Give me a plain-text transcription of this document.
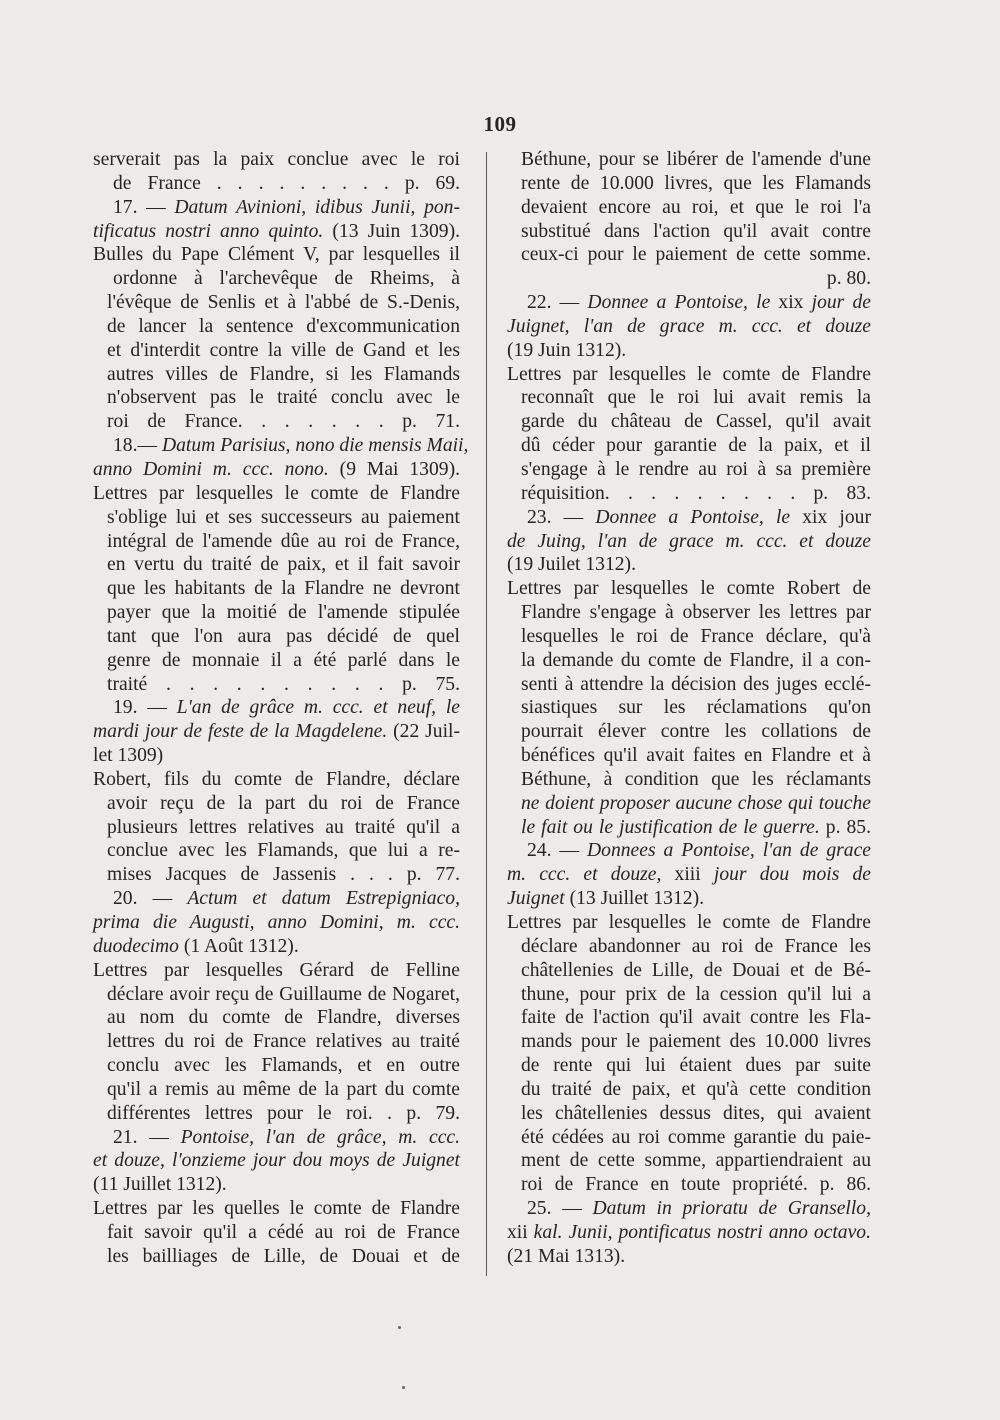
109
serverait pas la paix conclue avec le roi
de France . . . . . . . . . p. 69.
17. — Datum Avinioni, idibus Junii, pon-
tificatus nostri anno quinto. (13 Juin 1309).
Bulles du Pape Clément V, par lesquelles il
ordonne à l'archevêque de Rheims, à
l'évêque de Senlis et à l'abbé de S.-Denis,
de lancer la sentence d'excommunication
et d'interdit contre la ville de Gand et les
autres villes de Flandre, si les Flamands
n'observent pas le traité conclu avec le
roi de France. . . . . . . p. 71.
18.— Datum Parisius, nono die mensis Maii,
anno Domini m. ccc. nono. (9 Mai 1309).
Lettres par lesquelles le comte de Flandre
s'oblige lui et ses successeurs au paiement
intégral de l'amende dûe au roi de France,
en vertu du traité de paix, et il fait savoir
que les habitants de la Flandre ne devront
payer que la moitié de l'amende stipulée
tant que l'on aura pas décidé de quel
genre de monnaie il a été parlé dans le
traité . . . . . . . . . . p. 75.
19. — L'an de grâce m. ccc. et neuf, le
mardi jour de feste de la Magdelene. (22 Juil-
let 1309)
Robert, fils du comte de Flandre, déclare
avoir reçu de la part du roi de France
plusieurs lettres relatives au traité qu'il a
conclue avec les Flamands, que lui a re-
mises Jacques de Jassenis . . . p. 77.
20. — Actum et datum Estrepigniaco,
prima die Augusti, anno Domini, m. ccc.
duodecimo (1 Août 1312).
Lettres par lesquelles Gérard de Felline
déclare avoir reçu de Guillaume de Nogaret,
au nom du comte de Flandre, diverses
lettres du roi de France relatives au traité
conclu avec les Flamands, et en outre
qu'il a remis au même de la part du comte
différentes lettres pour le roi. . p. 79.
21. — Pontoise, l'an de grâce, m. ccc.
et douze, l'onzieme jour dou moys de Juignet
(11 Juillet 1312).
Lettres par les quelles le comte de Flandre
fait savoir qu'il a cédé au roi de France
les bailliages de Lille, de Douai et de
Béthune, pour se libérer de l'amende d'une
rente de 10.000 livres, que les Flamands
devaient encore au roi, et que le roi l'a
substitué dans l'action qu'il avait contre
ceux-ci pour le paiement de cette somme.
p. 80.
22. — Donnee a Pontoise, le xix jour de
Juignet, l'an de grace m. ccc. et douze
(19 Juin 1312).
Lettres par lesquelles le comte de Flandre
reconnaît que le roi lui avait remis la
garde du château de Cassel, qu'il avait
dû céder pour garantie de la paix, et il
s'engage à le rendre au roi à sa première
réquisition. . . . . . . . . p. 83.
23. — Donnee a Pontoise, le xix jour
de Juing, l'an de grace m. ccc. et douze
(19 Juilet 1312).
Lettres par lesquelles le comte Robert de
Flandre s'engage à observer les lettres par
lesquelles le roi de France déclare, qu'à
la demande du comte de Flandre, il a con-
senti à attendre la décision des juges ecclé-
siastiques sur les réclamations qu'on
pourrait élever contre les collations de
bénéfices qu'il avait faites en Flandre et à
Béthune, à condition que les réclamants
ne doient proposer aucune chose qui touche
le fait ou le justification de le guerre. p. 85.
24. — Donnees a Pontoise, l'an de grace
m. ccc. et douze, xiii jour dou mois de
Juignet (13 Juillet 1312).
Lettres par lesquelles le comte de Flandre
déclare abandonner au roi de France les
châtellenies de Lille, de Douai et de Bé-
thune, pour prix de la cession qu'il lui a
faite de l'action qu'il avait contre les Fla-
mands pour le paiement des 10.000 livres
de rente qui lui étaient dues par suite
du traité de paix, et qu'à cette condition
les châtellenies dessus dites, qui avaient
été cédées au roi comme garantie du paie-
ment de cette somme, appartiendraient au
roi de France en toute propriété. p. 86.
25. — Datum in prioratu de Gransello,
xii kal. Junii, pontificatus nostri anno octavo.
(21 Mai 1313).
